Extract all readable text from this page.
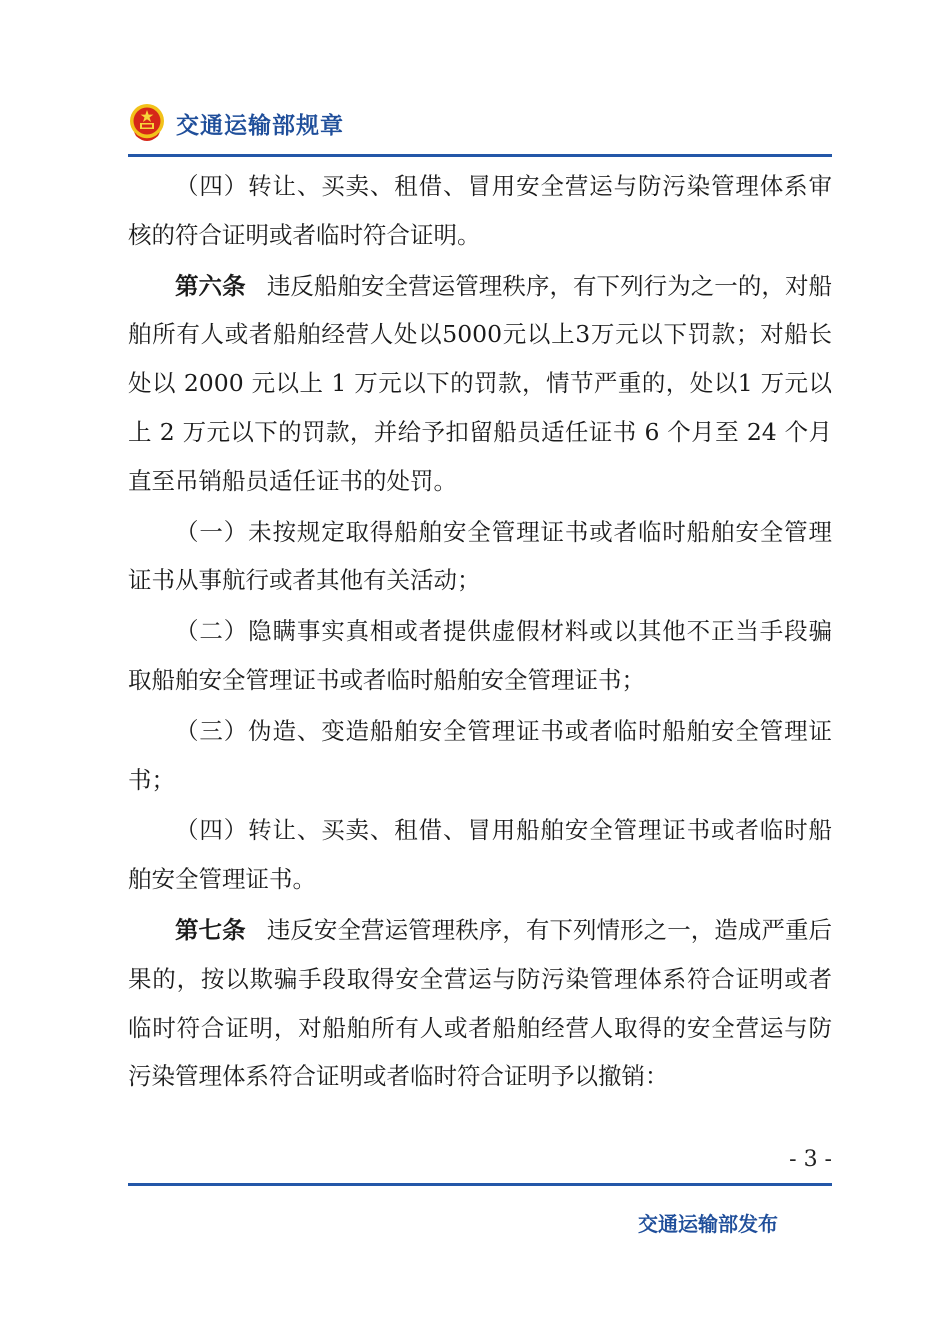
交通运输部规章

（四）转让、买卖、租借、冒用安全营运与防污染管理体系审核的符合证明或者临时符合证明。

第六条 违反船舶安全营运管理秩序，有下列行为之一的，对船舶所有人或者船舶经营人处以5000元以上3万元以下罚款；对船长处以 2000 元以上 1 万元以下的罚款，情节严重的，处以1 万元以上 2 万元以下的罚款，并给予扣留船员适任证书 6 个月至 24 个月直至吊销船员适任证书的处罚。

（一）未按规定取得船舶安全管理证书或者临时船舶安全管理证书从事航行或者其他有关活动；

（二）隐瞒事实真相或者提供虚假材料或以其他不正当手段骗取船舶安全管理证书或者临时船舶安全管理证书；

（三）伪造、变造船舶安全管理证书或者临时船舶安全管理证书；

（四）转让、买卖、租借、冒用船舶安全管理证书或者临时船舶安全管理证书。

第七条 违反安全营运管理秩序，有下列情形之一，造成严重后果的，按以欺骗手段取得安全营运与防污染管理体系符合证明或者临时符合证明，对船舶所有人或者船舶经营人取得的安全营运与防污染管理体系符合证明或者临时符合证明予以撤销：

- 3 -
交通运输部发布
